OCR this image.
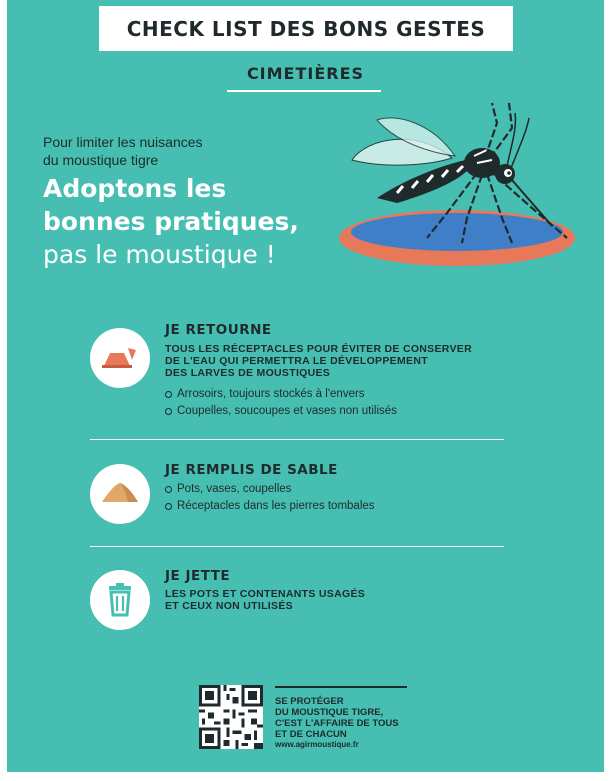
CHECK LIST DES BONS GESTES
CIMETIÈRES
Pour limiter les nuisances
du moustique tigre
Adoptons les
bonnes pratiques,
pas le moustique !
JE RETOURNE
TOUS LES RÉCEPTACLES POUR ÉVITER DE CONSERVER
DE L'EAU QUI PERMETTRA LE DÉVELOPPEMENT
DES LARVES DE MOUSTIQUES
Arrosoirs, toujours stockés à l'envers
Coupelles, soucoupes et vases non utilisés
JE REMPLIS DE SABLE
Pots, vases, coupelles
Réceptacles dans les pierres tombales
JE JETTE
LES POTS ET CONTENANTS USAGÉS
ET CEUX NON UTILISÉS
SE PROTÉGER
DU MOUSTIQUE TIGRE,
C'EST L'AFFAIRE DE TOUS
ET DE CHACUN
www.agirmoustique.fr
